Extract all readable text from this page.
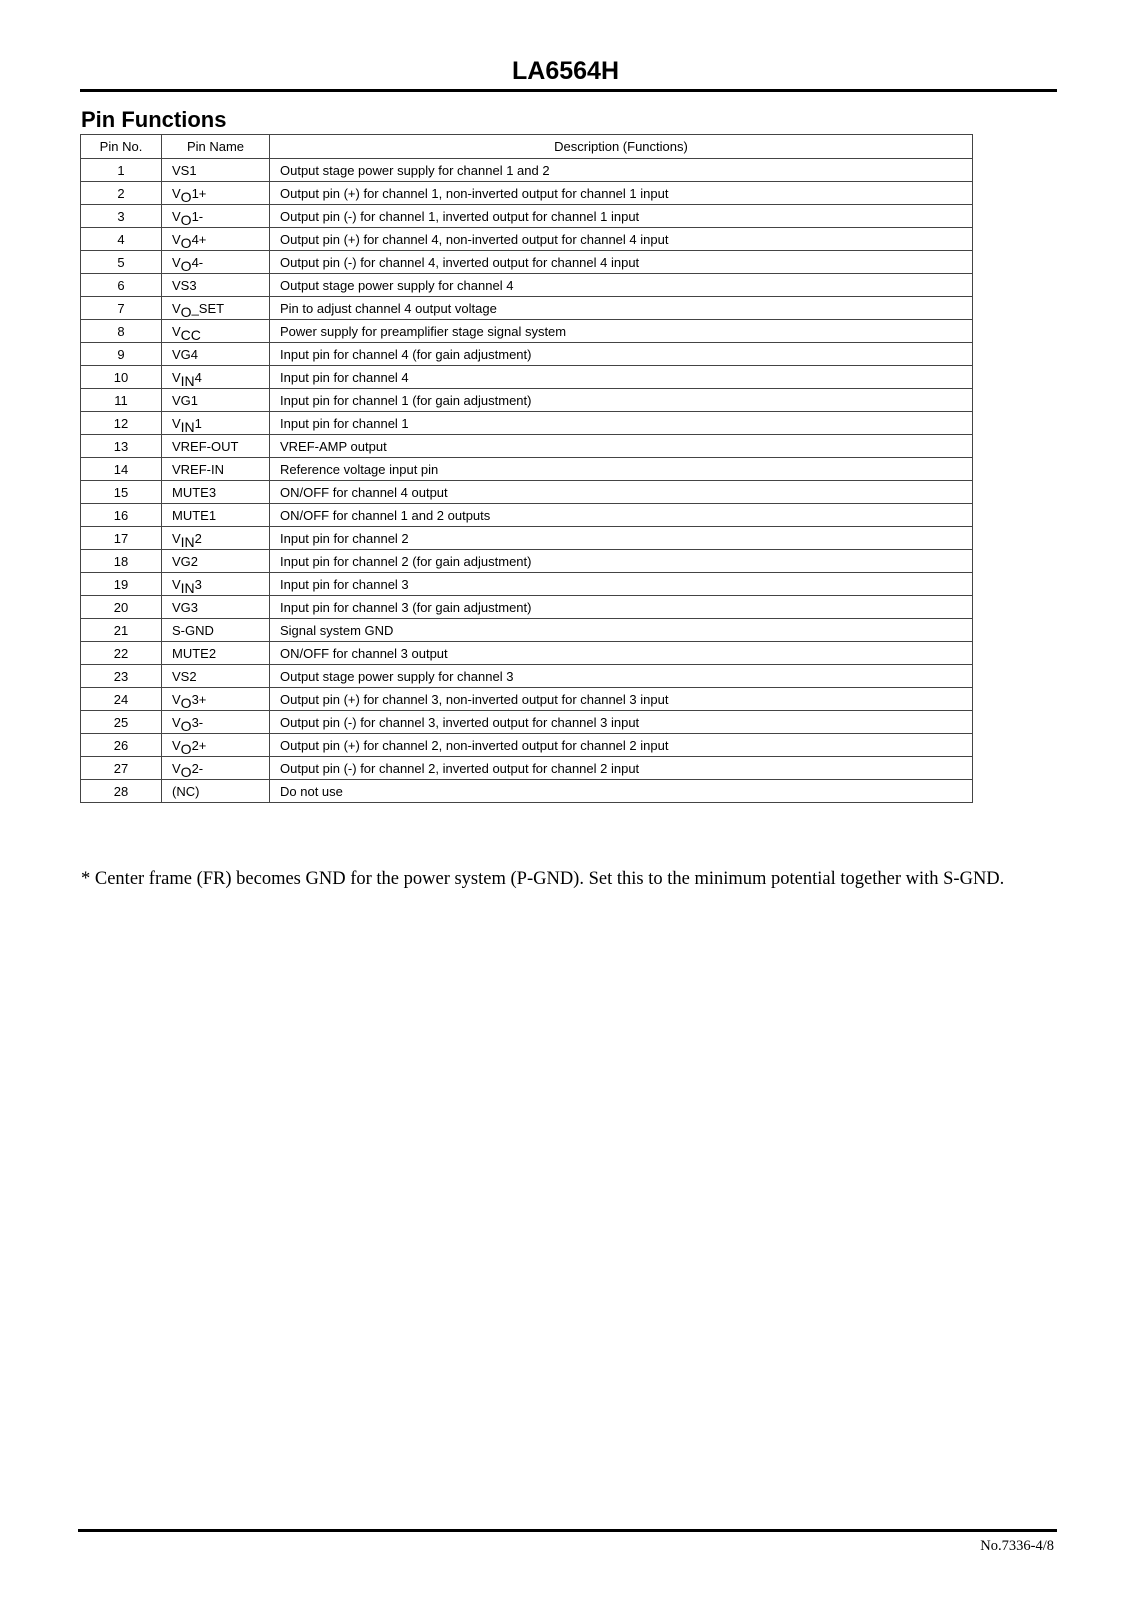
LA6564H
Pin Functions
Pin No.	Pin Name	Description (Functions)
1	VS1	Output stage power supply for channel 1 and 2
2	$V_O1+$	Output pin (+) for channel 1, non-inverted output for channel 1 input
3	$V_O1-$	Output pin (-) for channel 1, inverted output for channel 1 input
4	$V_O4+$	Output pin (+) for channel 4, non-inverted output for channel 4 input
5	$V_O4-$	Output pin (-) for channel 4, inverted output for channel 4 input
6	VS3	Output stage power supply for channel 4
7	$V_O\_SET$	Pin to adjust channel 4 output voltage
8	$V_{CC}$	Power supply for preamplifier stage signal system
9	VG4	Input pin for channel 4 (for gain adjustment)
10	$V_{IN}4$	Input pin for channel 4
11	VG1	Input pin for channel 1 (for gain adjustment)
12	$V_{IN}1$	Input pin for channel 1
13	VREF-OUT	VREF-AMP output
14	VREF-IN	Reference voltage input pin
15	MUTE3	ON/OFF for channel 4 output
16	MUTE1	ON/OFF for channel 1 and 2 outputs
17	$V_{IN}2$	Input pin for channel 2
18	VG2	Input pin for channel 2 (for gain adjustment)
19	$V_{IN}3$	Input pin for channel 3
20	VG3	Input pin for channel 3 (for gain adjustment)
21	S-GND	Signal system GND
22	MUTE2	ON/OFF for channel 3 output
23	VS2	Output stage power supply for channel 3
24	$V_O3+$	Output pin (+) for channel 3, non-inverted output for channel 3 input
25	$V_O3-$	Output pin (-) for channel 3, inverted output for channel 3 input
26	$V_O2+$	Output pin (+) for channel 2, non-inverted output for channel 2 input
27	$V_O2-$	Output pin (-) for channel 2, inverted output for channel 2 input
28	(NC)	Do not use
* Center frame (FR) becomes GND for the power system (P-GND). Set this to the minimum potential together with S-GND.
No.7336-4/8
